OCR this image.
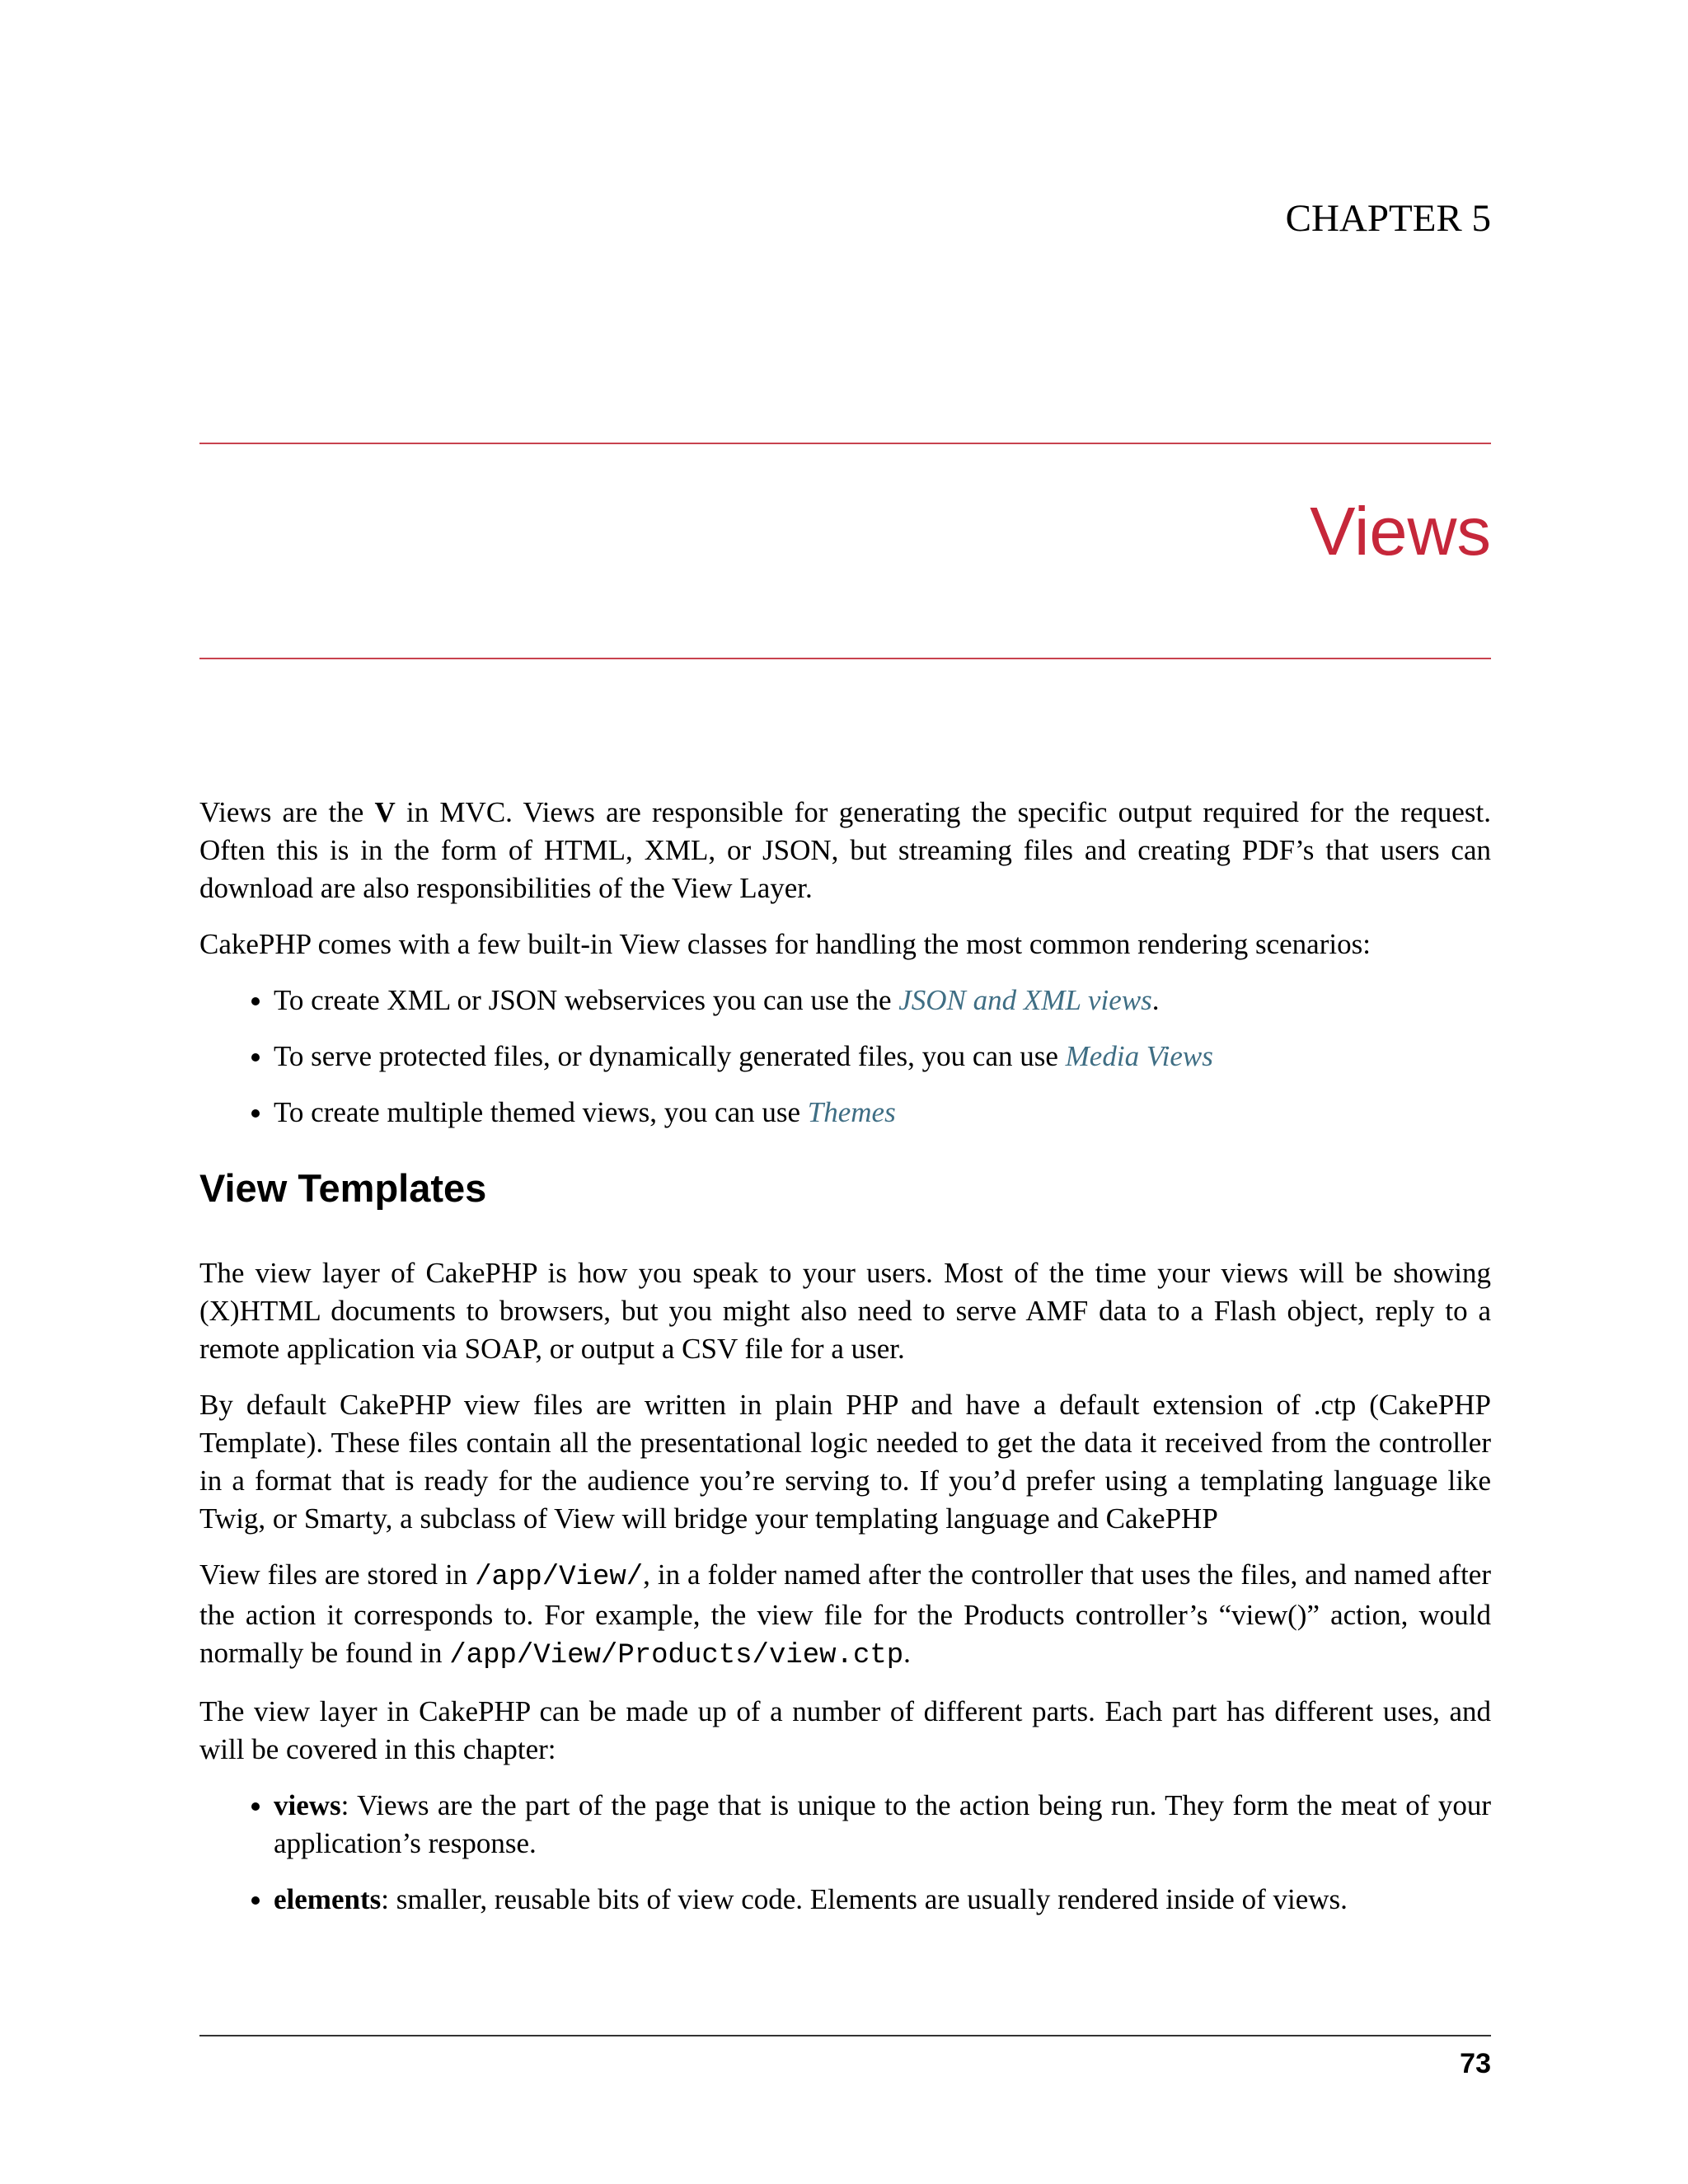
CHAPTER 5
Views

Views are the V in MVC. Views are responsible for generating the specific output required for the request. Often this is in the form of HTML, XML, or JSON, but streaming files and creating PDF’s that users can download are also responsibilities of the View Layer.

CakePHP comes with a few built-in View classes for handling the most common rendering scenarios:

• To create XML or JSON webservices you can use the JSON and XML views.
• To serve protected files, or dynamically generated files, you can use Media Views
• To create multiple themed views, you can use Themes
View Templates

The view layer of CakePHP is how you speak to your users. Most of the time your views will be showing (X)HTML documents to browsers, but you might also need to serve AMF data to a Flash object, reply to a remote application via SOAP, or output a CSV file for a user.

By default CakePHP view files are written in plain PHP and have a default extension of .ctp (CakePHP Template). These files contain all the presentational logic needed to get the data it received from the controller in a format that is ready for the audience you’re serving to. If you’d prefer using a templating language like Twig, or Smarty, a subclass of View will bridge your templating language and CakePHP

View files are stored in /app/View/, in a folder named after the controller that uses the files, and named after the action it corresponds to. For example, the view file for the Products controller’s “view()” action, would normally be found in /app/View/Products/view.ctp.

The view layer in CakePHP can be made up of a number of different parts. Each part has different uses, and will be covered in this chapter:

• views: Views are the part of the page that is unique to the action being run. They form the meat of your application’s response.
• elements: smaller, reusable bits of view code. Elements are usually rendered inside of views.
73
